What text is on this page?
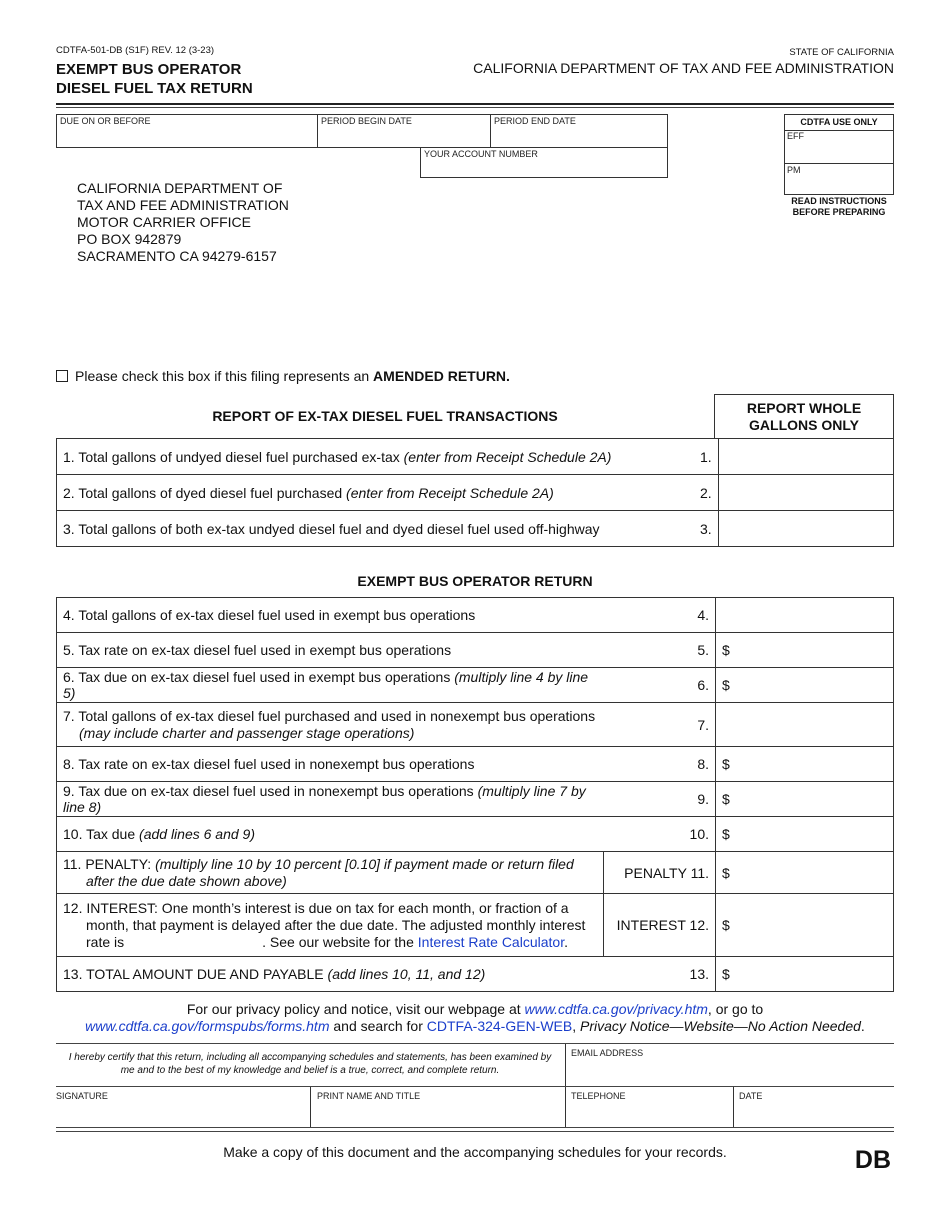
CDTFA-501-DB (S1F) REV. 12 (3-23)
EXEMPT BUS OPERATOR
DIESEL FUEL TAX RETURN
STATE OF CALIFORNIA
CALIFORNIA DEPARTMENT OF TAX AND FEE ADMINISTRATION
DUE ON OR BEFORE	PERIOD BEGIN DATE	PERIOD END DATE
YOUR ACCOUNT NUMBER
CDTFA USE ONLY
EFF
PM
READ INSTRUCTIONS
BEFORE PREPARING
CALIFORNIA DEPARTMENT OF
TAX AND FEE ADMINISTRATION
MOTOR CARRIER OFFICE
PO BOX 942879
SACRAMENTO CA 94279-6157
Please check this box if this filing represents an
AMENDED RETURN.
REPORT OF EX-TAX DIESEL FUEL TRANSACTIONS	REPORT WHOLE
GALLONS ONLY
1. Total gallons of undyed diesel fuel purchased ex-tax (enter from Receipt Schedule 2A)	1.	
2. Total gallons of dyed diesel fuel purchased (enter from Receipt Schedule 2A)	2.	
3. Total gallons of both ex-tax undyed diesel fuel and dyed diesel fuel used off-highway	3.	
EXEMPT BUS OPERATOR RETURN
4. Total gallons of ex-tax diesel fuel used in exempt bus operations	4.	
5. Tax rate on ex-tax diesel fuel used in exempt bus operations	5.	$
6. Tax due on ex-tax diesel fuel used in exempt bus operations (multiply line 4 by line 5)	6.	$

7. Total gallons of ex-tax diesel fuel purchased and used in nonexempt bus operations
(may include charter and passenger stage operations)	7.	
8. Tax rate on ex-tax diesel fuel used in nonexempt bus operations	8.	$
9. Tax due on ex-tax diesel fuel used in nonexempt bus operations (multiply line 7 by line 8)	9.	$
10. Tax due (add lines 6 and 9)	10.	$

11. PENALTY: (multiply line 10 by 10 percent [0.10] if payment made or return filed
after the due date shown above)	PENALTY 11.	$

12. INTEREST: One month’s interest is due on tax for each month, or fraction of a
month, that payment is delayed after the due date. The adjusted monthly interest
rate is . See our website for the Interest Rate Calculator.	INTEREST 12.	$
13. TOTAL AMOUNT DUE AND PAYABLE (add lines 10, 11, and 12)	13.	$
For our privacy policy and notice, visit our webpage at www.cdtfa.ca.gov/privacy.htm, or go to
www.cdtfa.ca.gov/formspubs/forms.htm and search for CDTFA-324-GEN-WEB, Privacy Notice—Website—No Action Needed.
I hereby certify that this return, including all accompanying schedules and statements, has been examined by me and to the best of my knowledge and belief is a true, correct, and complete return.
EMAIL ADDRESS
SIGNATURE	PRINT NAME AND TITLE	TELEPHONE	DATE
Make a copy of this document and the accompanying schedules for your records.	DB
